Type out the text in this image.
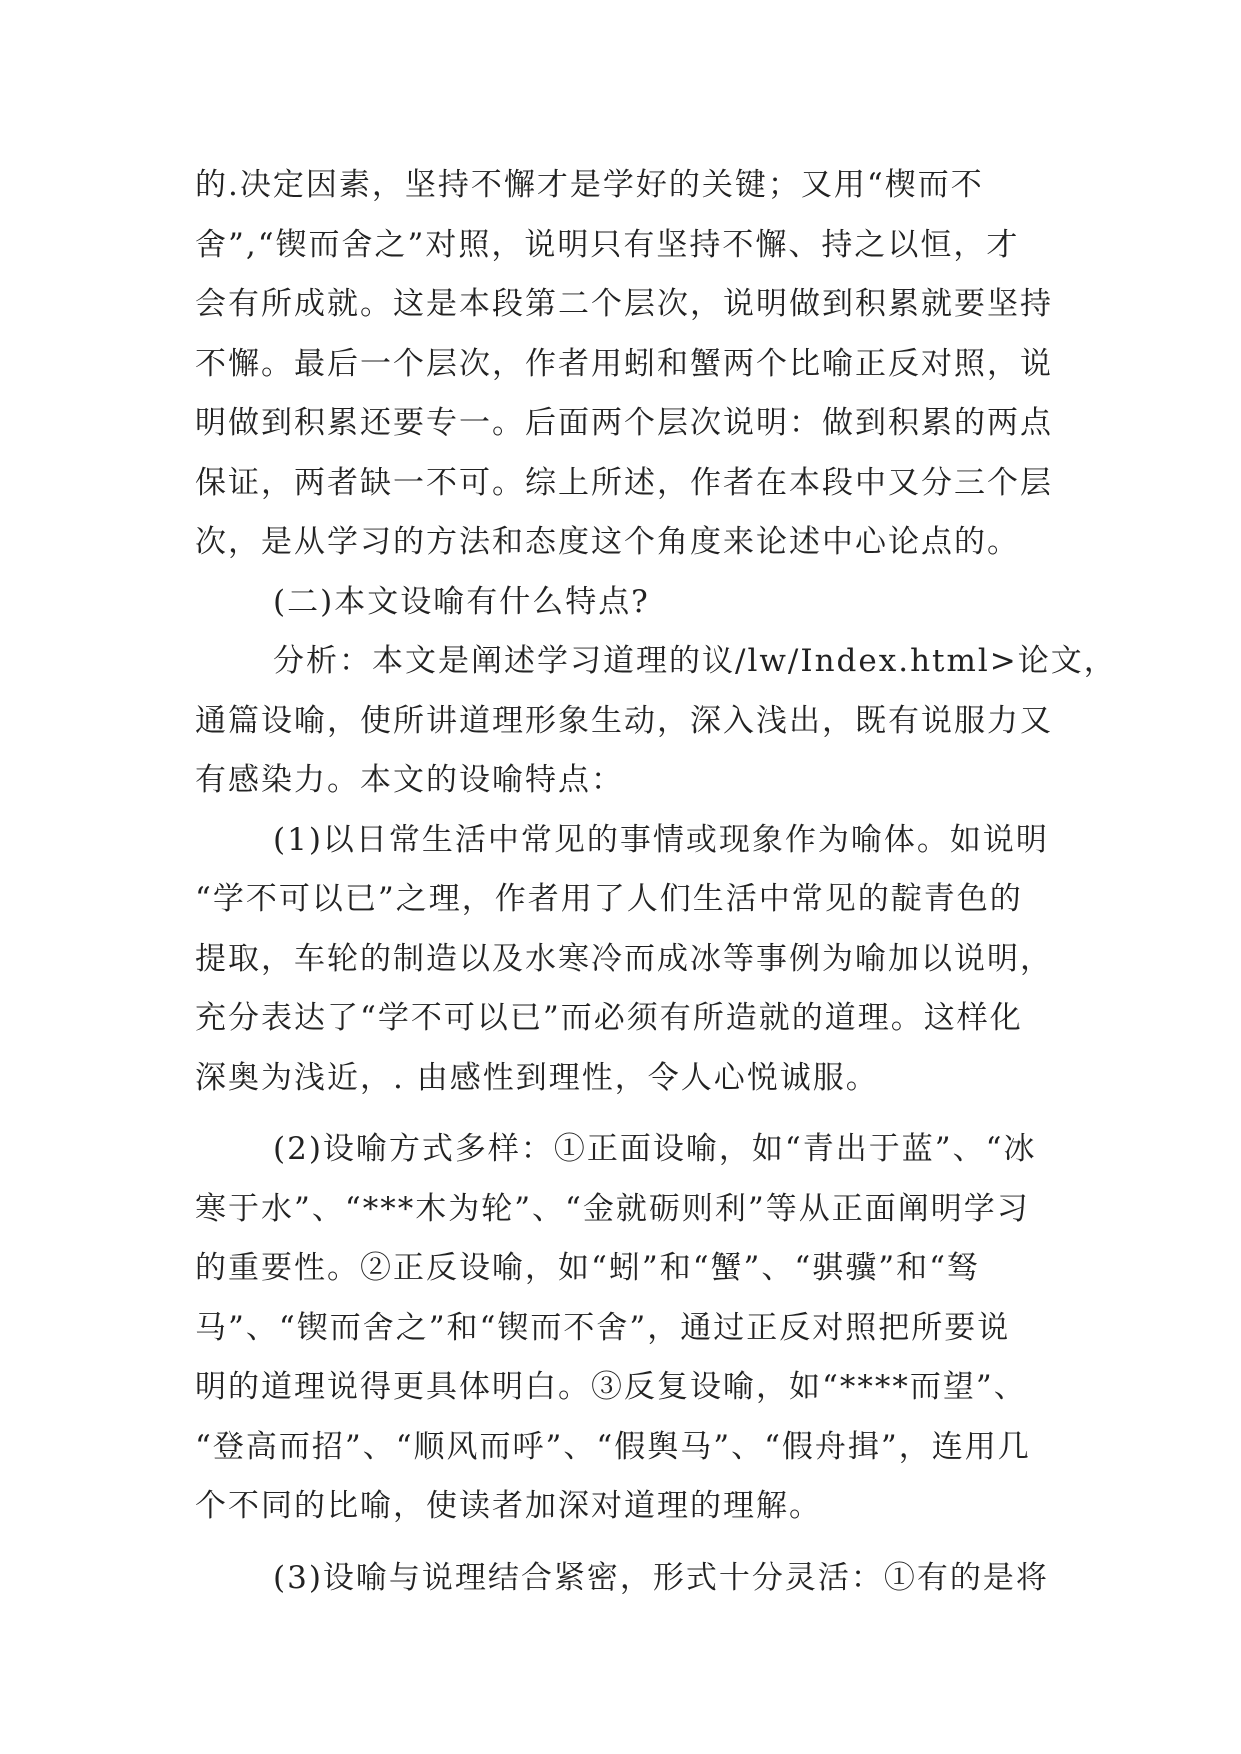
的.决定因素，坚持不懈才是学好的关键；又用“楔而不
舍”,“锲而舍之”对照，说明只有坚持不懈、持之以恒，才
会有所成就。这是本段第二个层次，说明做到积累就要坚持
不懈。最后一个层次，作者用蚓和蟹两个比喻正反对照，说
明做到积累还要专一。后面两个层次说明：做到积累的两点
保证，两者缺一不可。综上所述，作者在本段中又分三个层
次，是从学习的方法和态度这个角度来论述中心论点的。
(二)本文设喻有什么特点?
分析：本文是阐述学习道理的议/lw/Index.html>论文，
通篇设喻，使所讲道理形象生动，深入浅出，既有说服力又
有感染力。本文的设喻特点：
(1)以日常生活中常见的事情或现象作为喻体。如说明
“学不可以已”之理，作者用了人们生活中常见的靛青色的
提取，车轮的制造以及水寒冷而成冰等事例为喻加以说明，
充分表达了“学不可以已”而必须有所造就的道理。这样化
深奥为浅近，. 由感性到理性，令人心悦诚服。
(2)设喻方式多样：①正面设喻，如“青出于蓝”、“冰
寒于水”、“***木为轮”、“金就砺则利”等从正面阐明学习
的重要性。②正反设喻，如“蚓”和“蟹”、“骐骥”和“驽
马”、“锲而舍之”和“锲而不舍”，通过正反对照把所要说
明的道理说得更具体明白。③反复设喻，如“****而望”、
“登高而招”、“顺风而呼”、“假舆马”、“假舟揖”，连用几
个不同的比喻，使读者加深对道理的理解。
(3)设喻与说理结合紧密，形式十分灵活：①有的是将
